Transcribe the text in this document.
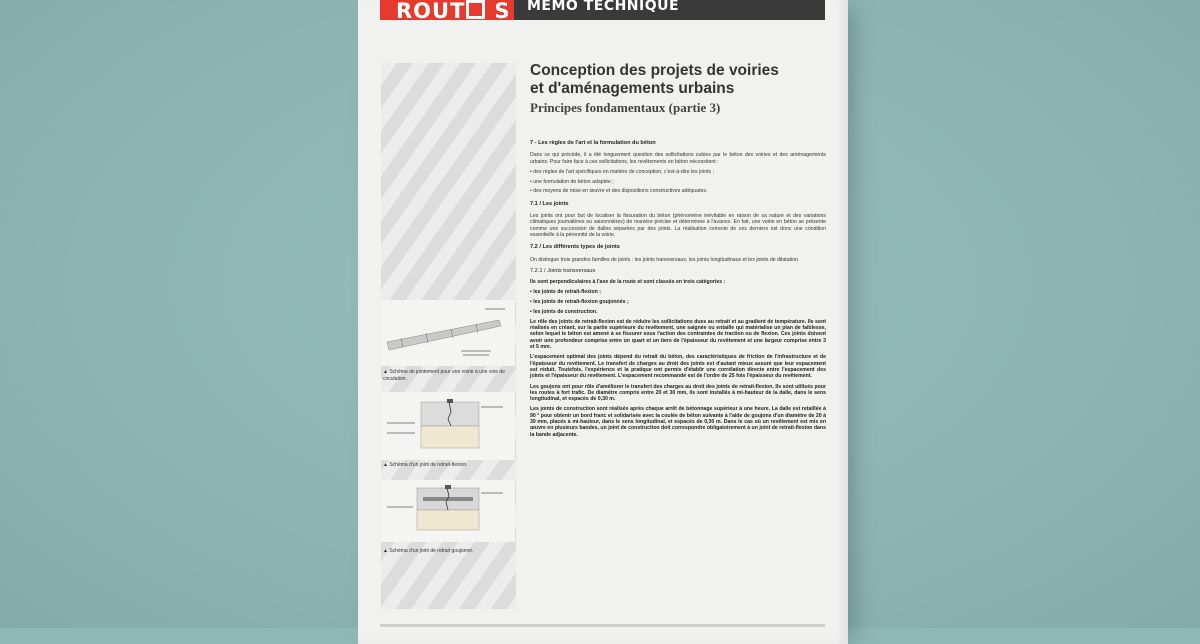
ROUT S MEMO TECHNIQUE
▲ Schéma de jointement pour une voirie à une voie de circulation.
▲ Schéma d'un joint de retrait-flexion.
▲ Schéma d'un joint de retrait goujonné.
Conception des projets de voiries
et d'aménagements urbains
Principes fondamentaux (partie 3)
7 - Les règles de l'art et la formulation du béton

Dans ce qui précède, il a été longuement question des sollicitations subies par le béton des voiries et des aménagements urbains. Pour faire face à ces sollicitations, les revêtements en béton nécessitent :

• des règles de l'art spécifiques en matière de conception, c'est-à-dire les joints ;
• une formulation de béton adaptée ;
• des moyens de mise en œuvre et des dispositions constructives adéquates.
7.1 / Les joints

Les joints ont pour but de localiser la fissuration du béton (phénomène inévitable en raison de sa nature et des variations climatiques journalières ou saisonnières) de manière précise et déterminée à l'avance. En fait, une voirie en béton se présente comme une succession de dalles séparées par des joints. La réalisation correcte de ces derniers est donc une condition essentielle à la pérennité de la voirie.

7.2 / Les différents types de joints

On distingue trois grandes familles de joints : les joints transversaux, les joints longitudinaux et les joints de dilatation.

7.2.1 / Joints transversaux

Ils sont perpendiculaires à l'axe de la route et sont classés en trois catégories :

• les joints de retrait-flexion ;
• les joints de retrait-flexion goujonnés ;
• les joints de construction.

Le rôle des joints de retrait-flexion est de réduire les sollicitations dues au retrait et au gradient de température. Ils sont réalisés en créant, sur la partie supérieure du revêtement, une saignée ou entaille qui matérialise un plan de faiblesse, selon lequel le béton est amené à se fissurer sous l'action des contraintes de traction ou de flexion. Ces joints doivent avoir une profondeur comprise entre un quart et un tiers de l'épaisseur du revêtement et une largeur comprise entre 3 et 5 mm.

L'espacement optimal des joints dépend du retrait du béton, des caractéristiques de friction de l'infrastructure et de l'épaisseur du revêtement. Le transfert de charges au droit des joints est d'autant mieux assuré que leur espacement est réduit. Toutefois, l'expérience et la pratique ont permis d'établir une corrélation directe entre l'espacement des joints et l'épaisseur du revêtement. L'espacement recommandé est de l'ordre de 25 fois l'épaisseur du revêtement.

Les goujons ont pour rôle d'améliorer le transfert des charges au droit des joints de retrait-flexion. Ils sont utilisés pour les routes à fort trafic. De diamètre compris entre 20 et 30 mm, ils sont installés à mi-hauteur de la dalle, dans le sens longitudinal, et espacés de 0,30 m.

Les joints de construction sont réalisés après chaque arrêt de bétonnage supérieur à une heure. La dalle est retaillée à 90 ° pour obtenir un bord franc et solidarisée avec la coulée de béton suivante à l'aide de goujons d'un diamètre de 20 à 30 mm, placés à mi-hauteur, dans le sens longitudinal, et espacés de 0,30 m. Dans le cas où un revêtement est mis en œuvre en plusieurs bandes, un joint de construction doit correspondre obligatoirement à un joint de retrait-flexion dans la bande adjacente.
